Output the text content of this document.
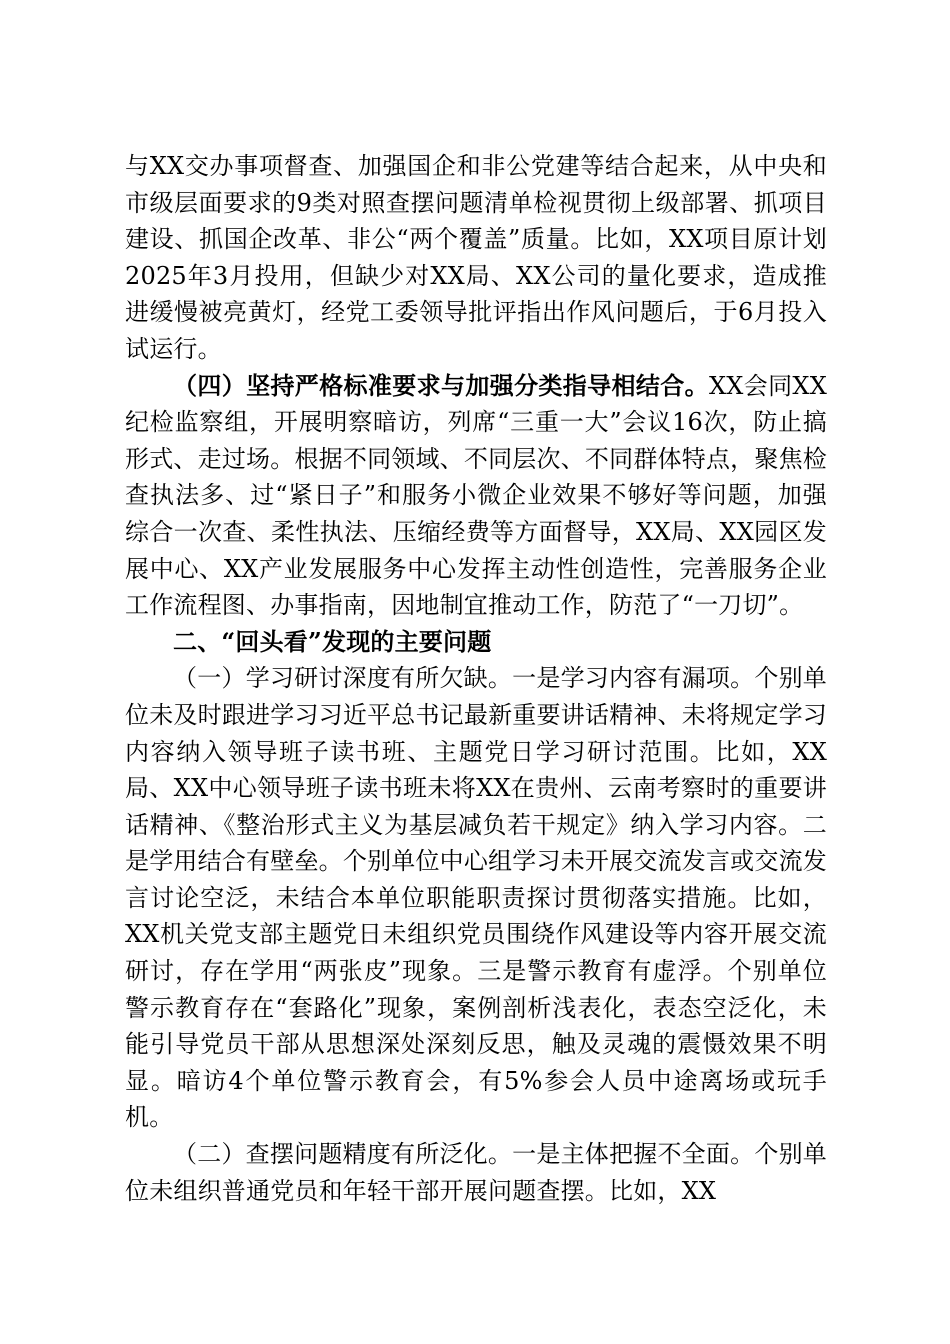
与XX交办事项督查、加强国企和非公党建等结合起来，从中央和市级层面要求的9类对照查摆问题清单检视贯彻上级部署、抓项目建设、抓国企改革、非公“两个覆盖”质量。比如，XX项目原计划2025年3月投用，但缺少对XX局、XX公司的量化要求，造成推进缓慢被亮黄灯，经党工委领导批评指出作风问题后，于6月投入试运行。

（四）坚持严格标准要求与加强分类指导相结合。XX会同XX纪检监察组，开展明察暗访，列席“三重一大”会议16次，防止搞形式、走过场。根据不同领域、不同层次、不同群体特点，聚焦检查执法多、过“紧日子”和服务小微企业效果不够好等问题，加强综合一次查、柔性执法、压缩经费等方面督导，XX局、XX园区发展中心、XX产业发展服务中心发挥主动性创造性，完善服务企业工作流程图、办事指南，因地制宜推动工作，防范了“一刀切”。

二、“回头看”发现的主要问题

（一）学习研讨深度有所欠缺。一是学习内容有漏项。个别单位未及时跟进学习习近平总书记最新重要讲话精神、未将规定学习内容纳入领导班子读书班、主题党日学习研讨范围。比如，XX局、XX中心领导班子读书班未将XX在贵州、云南考察时的重要讲话精神、《整治形式主义为基层减负若干规定》纳入学习内容。二是学用结合有壁垒。个别单位中心组学习未开展交流发言或交流发言讨论空泛，未结合本单位职能职责探讨贯彻落实措施。比如，XX机关党支部主题党日未组织党员围绕作风建设等内容开展交流研讨，存在学用“两张皮”现象。三是警示教育有虚浮。个别单位警示教育存在“套路化”现象，案例剖析浅表化，表态空泛化，未能引导党员干部从思想深处深刻反思，触及灵魂的震慑效果不明显。暗访4个单位警示教育会，有5%参会人员中途离场或玩手机。

（二）查摆问题精度有所泛化。一是主体把握不全面。个别单位未组织普通党员和年轻干部开展问题查摆。比如，XX
